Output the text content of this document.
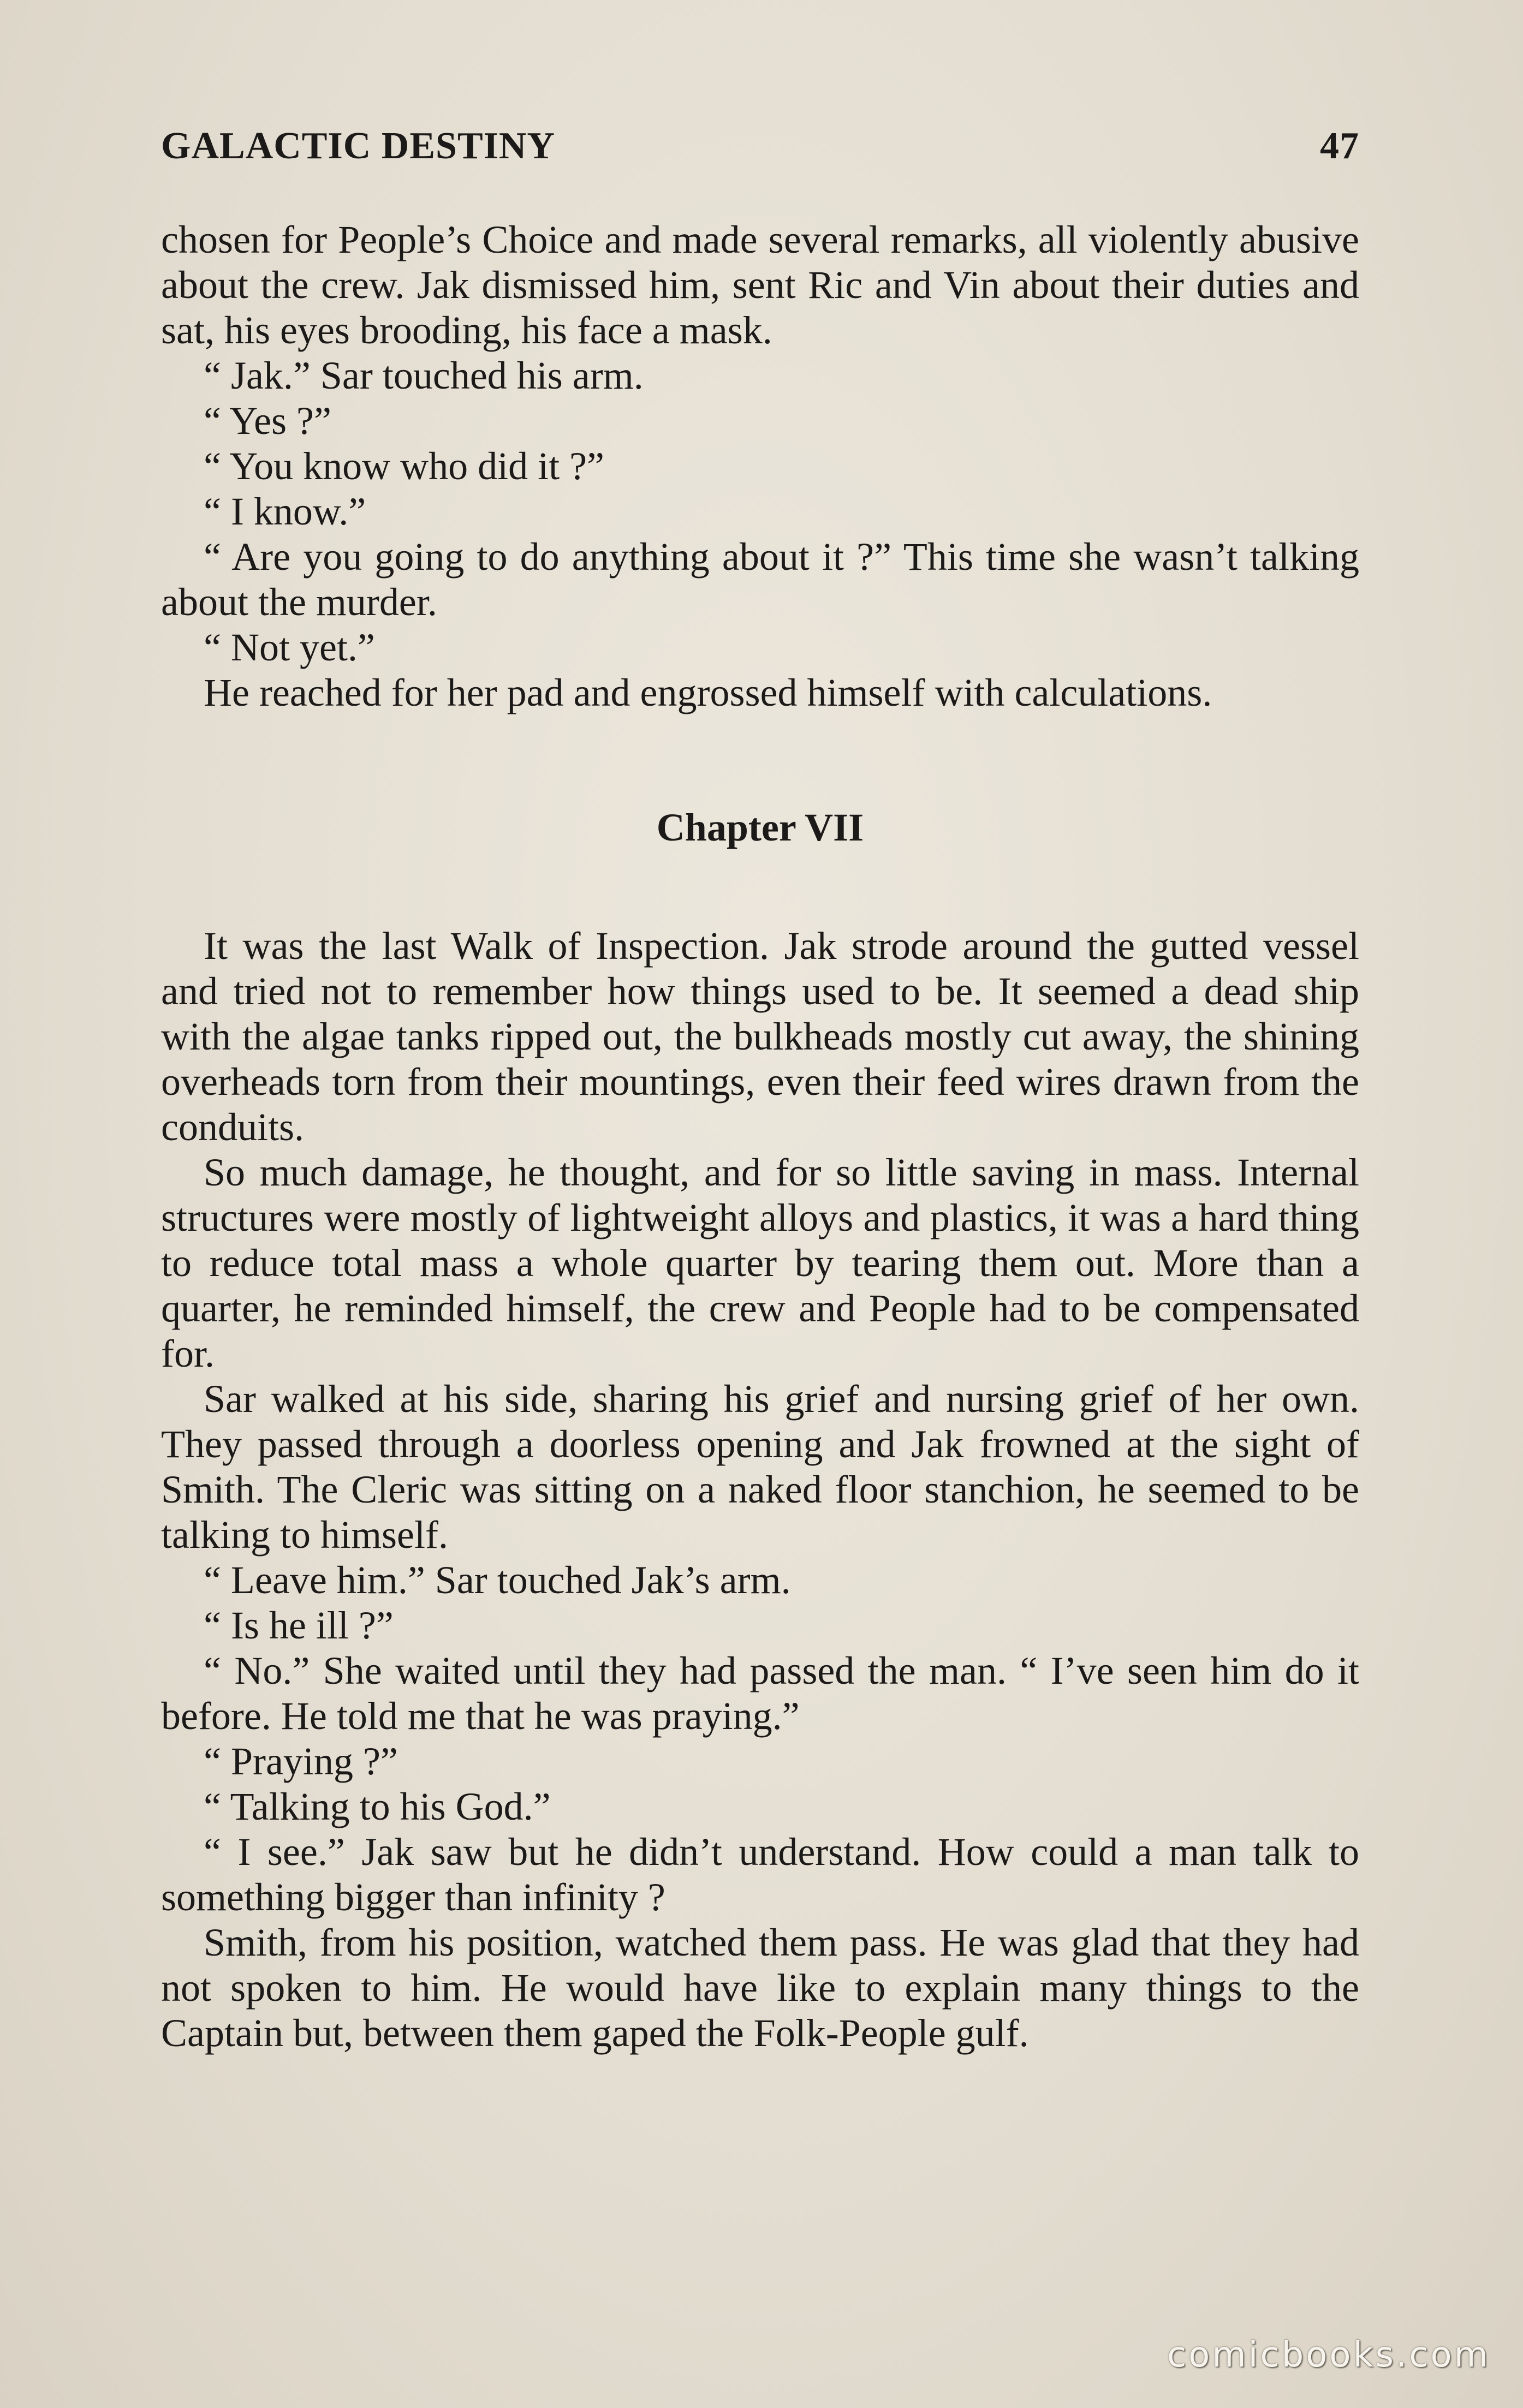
GALACTIC DESTINY	47

chosen for People’s Choice and made several remarks, all violently abusive about the crew. Jak dismissed him, sent Ric and Vin about their duties and sat, his eyes brooding, his face a mask.

“ Jak.” Sar touched his arm.

“ Yes ?”

“ You know who did it ?”

“ I know.”

“ Are you going to do anything about it ?” This time she wasn’t talking about the murder.

“ Not yet.”

He reached for her pad and engrossed himself with calculations.

Chapter VII

It was the last Walk of Inspection. Jak strode around the gutted vessel and tried not to remember how things used to be. It seemed a dead ship with the algae tanks ripped out, the bulkheads mostly cut away, the shining overheads torn from their mountings, even their feed wires drawn from the conduits.

So much damage, he thought, and for so little saving in mass. Internal structures were mostly of lightweight alloys and plastics, it was a hard thing to reduce total mass a whole quarter by tearing them out. More than a quarter, he reminded himself, the crew and People had to be compensated for.

Sar walked at his side, sharing his grief and nursing grief of her own. They passed through a doorless opening and Jak frowned at the sight of Smith. The Cleric was sitting on a naked floor stanchion, he seemed to be talking to himself.

“ Leave him.” Sar touched Jak’s arm.

“ Is he ill ?”

“ No.” She waited until they had passed the man. “ I’ve seen him do it before. He told me that he was praying.”

“ Praying ?”

“ Talking to his God.”

“ I see.” Jak saw but he didn’t understand. How could a man talk to something bigger than infinity ?

Smith, from his position, watched them pass. He was glad that they had not spoken to him. He would have like to explain many things to the Captain but, between them gaped the Folk-People gulf.

comicbooks.com
